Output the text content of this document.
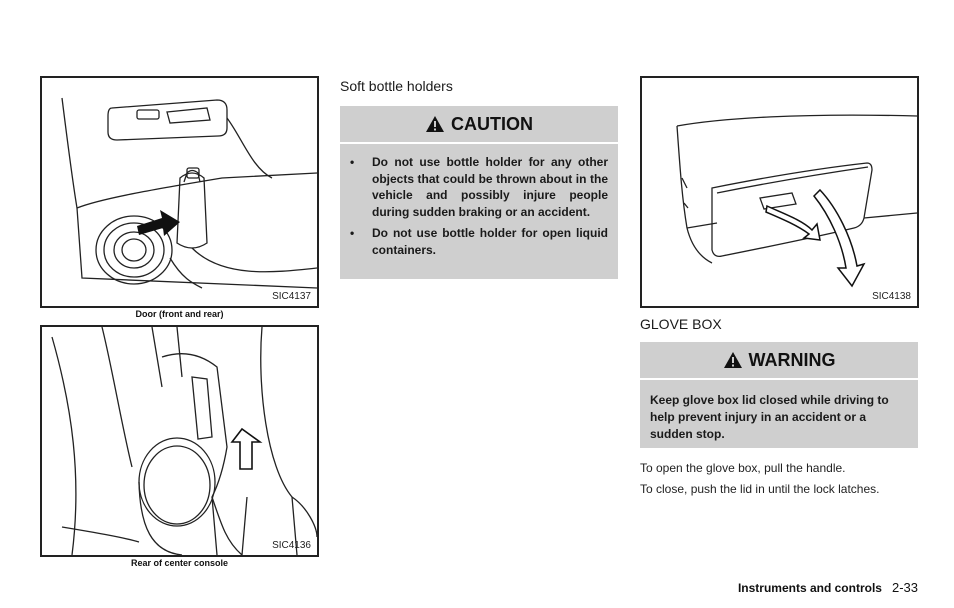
SIC4137
Door (front and rear)
SIC4136
Rear of center console
Soft bottle holders
CAUTION
• Do not use bottle holder for any other objects that could be thrown about in the vehicle and possibly injure people during sudden braking or an accident.
• Do not use bottle holder for open liquid containers.
SIC4138
GLOVE BOX
WARNING

Keep glove box lid closed while driving to help prevent injury in an accident or a sudden stop.

To open the glove box, pull the handle.
To close, push the lid in until the lock latches.
Instruments and controls 2-33
